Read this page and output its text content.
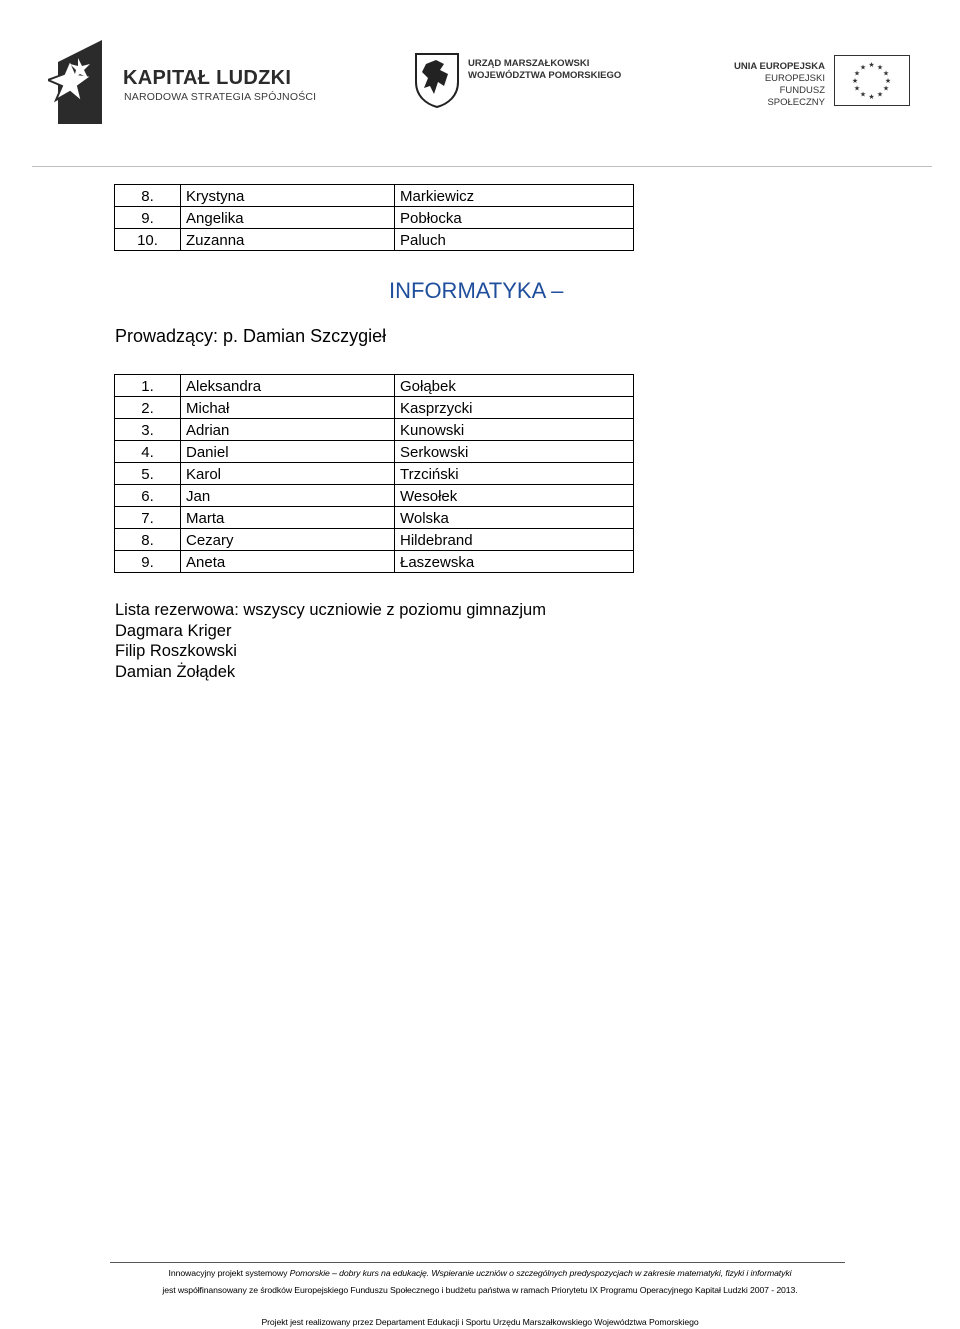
KAPITAŁ LUDZKI
NARODOWA STRATEGIA SPÓJNOŚCI
URZĄD MARSZAŁKOWSKI
WOJEWÓDZTWA POMORSKIEGO
UNIA EUROPEJSKA
EUROPEJSKI
FUNDUSZ SPOŁECZNY
★ ★
★
★
★
★
★
★
★
★
★
★
8.	Krystyna	Markiewicz
9.	Angelika	Pobłocka
10.	Zuzanna	Paluch
INFORMATYKA –
Prowadzący: p. Damian Szczygieł
1.	Aleksandra	Gołąbek
2.	Michał	Kasprzycki
3.	Adrian	Kunowski
4.	Daniel	Serkowski
5.	Karol	Trzciński
6.	Jan	Wesołek
7.	Marta	Wolska
8.	Cezary	Hildebrand
9.	Aneta	Łaszewska
Lista rezerwowa: wszyscy uczniowie z poziomu gimnazjum
Dagmara Kriger
Filip Roszkowski
Damian Żołądek
Innowacyjny projekt systemowy Pomorskie – dobry kurs na edukację. Wspieranie uczniów o szczególnych predyspozycjach w zakresie matematyki, fizyki i informatyki
jest współfinansowany ze środków Europejskiego Funduszu Społecznego i budżetu państwa w ramach Priorytetu IX Programu Operacyjnego Kapitał Ludzki 2007 - 2013.
Projekt jest realizowany przez Departament Edukacji i Sportu Urzędu Marszałkowskiego Województwa Pomorskiego
